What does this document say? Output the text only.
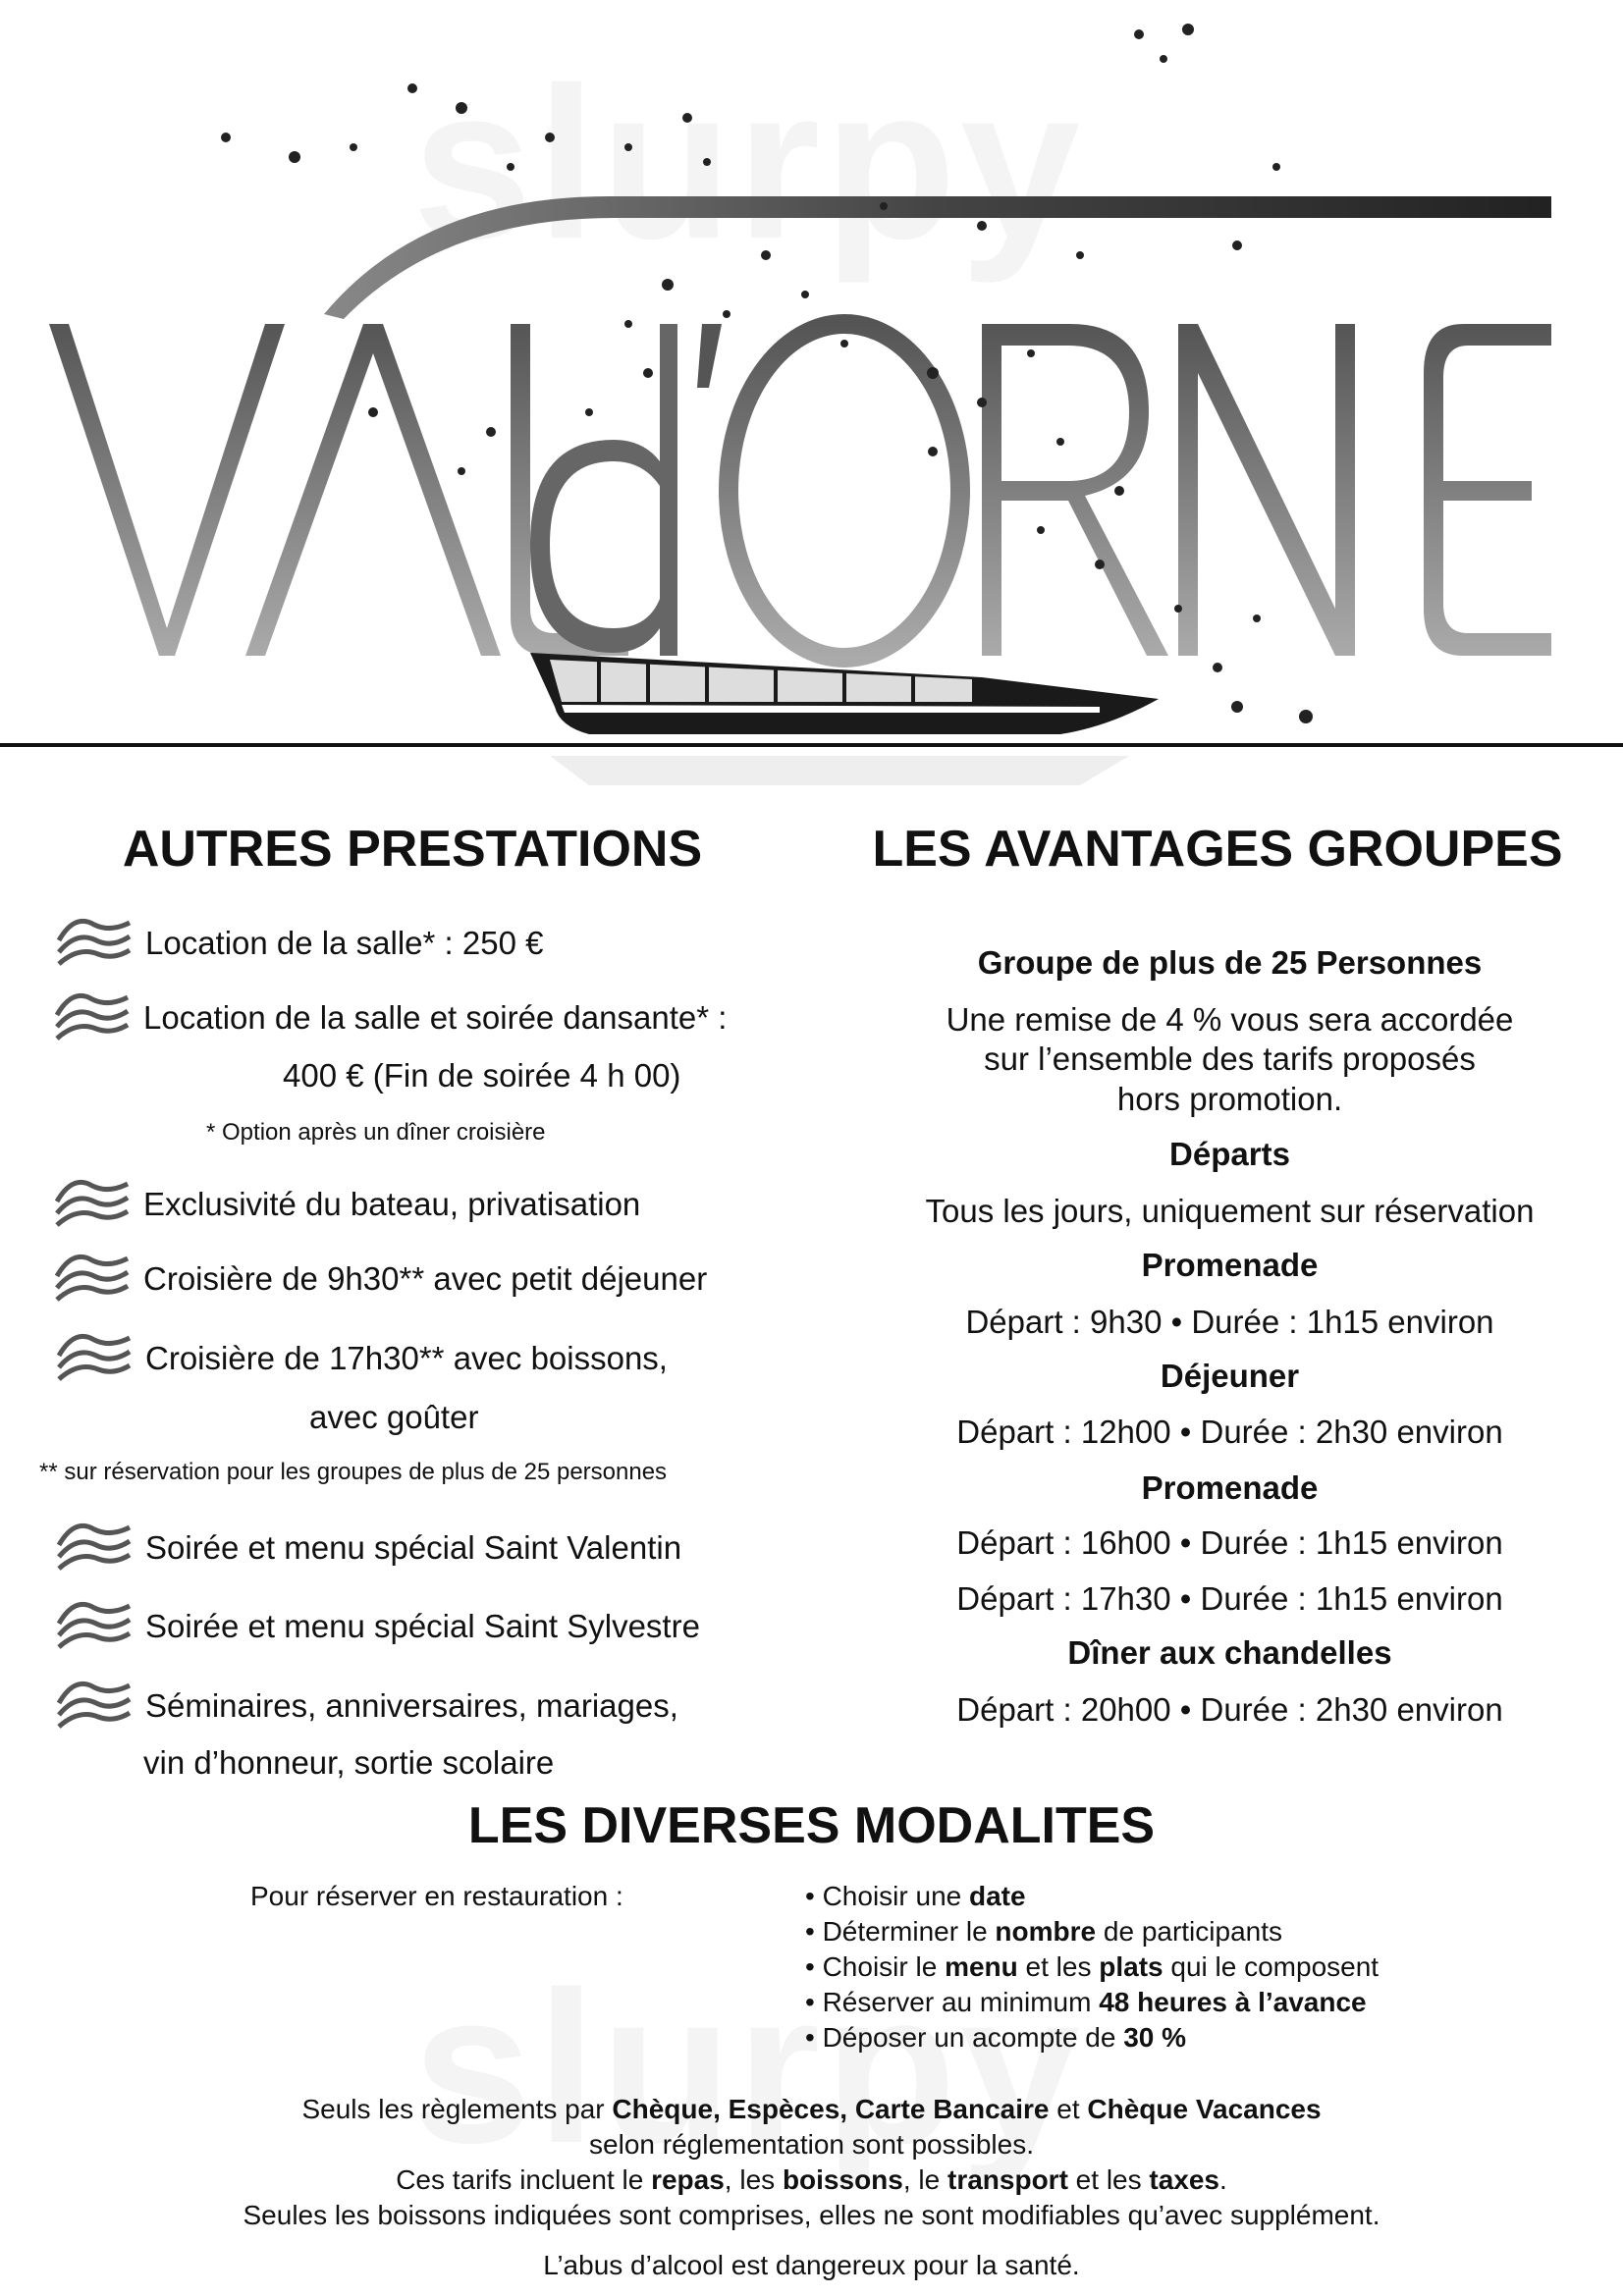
AUTRES PRESTATIONS
Location de la salle* : 250 €
Location de la salle et soirée dansante* :
400 € (Fin de soirée 4 h 00)
* Option après un dîner croisière
Exclusivité du bateau, privatisation
Croisière de 9h30** avec petit déjeuner
Croisière de 17h30** avec boissons,
avec goûter
** sur réservation pour les groupes de plus de 25 personnes
Soirée et menu spécial Saint Valentin
Soirée et menu spécial Saint Sylvestre
Séminaires, anniversaires, mariages,
vin d’honneur, sortie scolaire
LES AVANTAGES GROUPES
Groupe de plus de 25 Personnes
Une remise de 4 % vous sera accordée
sur l’ensemble des tarifs proposés
hors promotion.
Départs
Tous les jours, uniquement sur réservation
Promenade
Départ : 9h30 • Durée : 1h15 environ
Déjeuner
Départ : 12h00 • Durée : 2h30 environ
Promenade
Départ : 16h00 • Durée : 1h15 environ
Départ : 17h30 • Durée : 1h15 environ
Dîner aux chandelles
Départ : 20h00 • Durée : 2h30 environ
LES DIVERSES MODALITES
Pour réserver en restauration :	• Choisir une date
• Déterminer le nombre de participants
• Choisir le menu et les plats qui le composent
• Réserver au minimum 48 heures à l’avance
• Déposer un acompte de 30 %
Seuls les règlements par Chèque, Espèces, Carte Bancaire et Chèque Vacances
selon réglementation sont possibles.
Ces tarifs incluent le repas, les boissons, le transport et les taxes.
Seules les boissons indiquées sont comprises, elles ne sont modifiables qu’avec supplément.
L’abus d’alcool est dangereux pour la santé.
